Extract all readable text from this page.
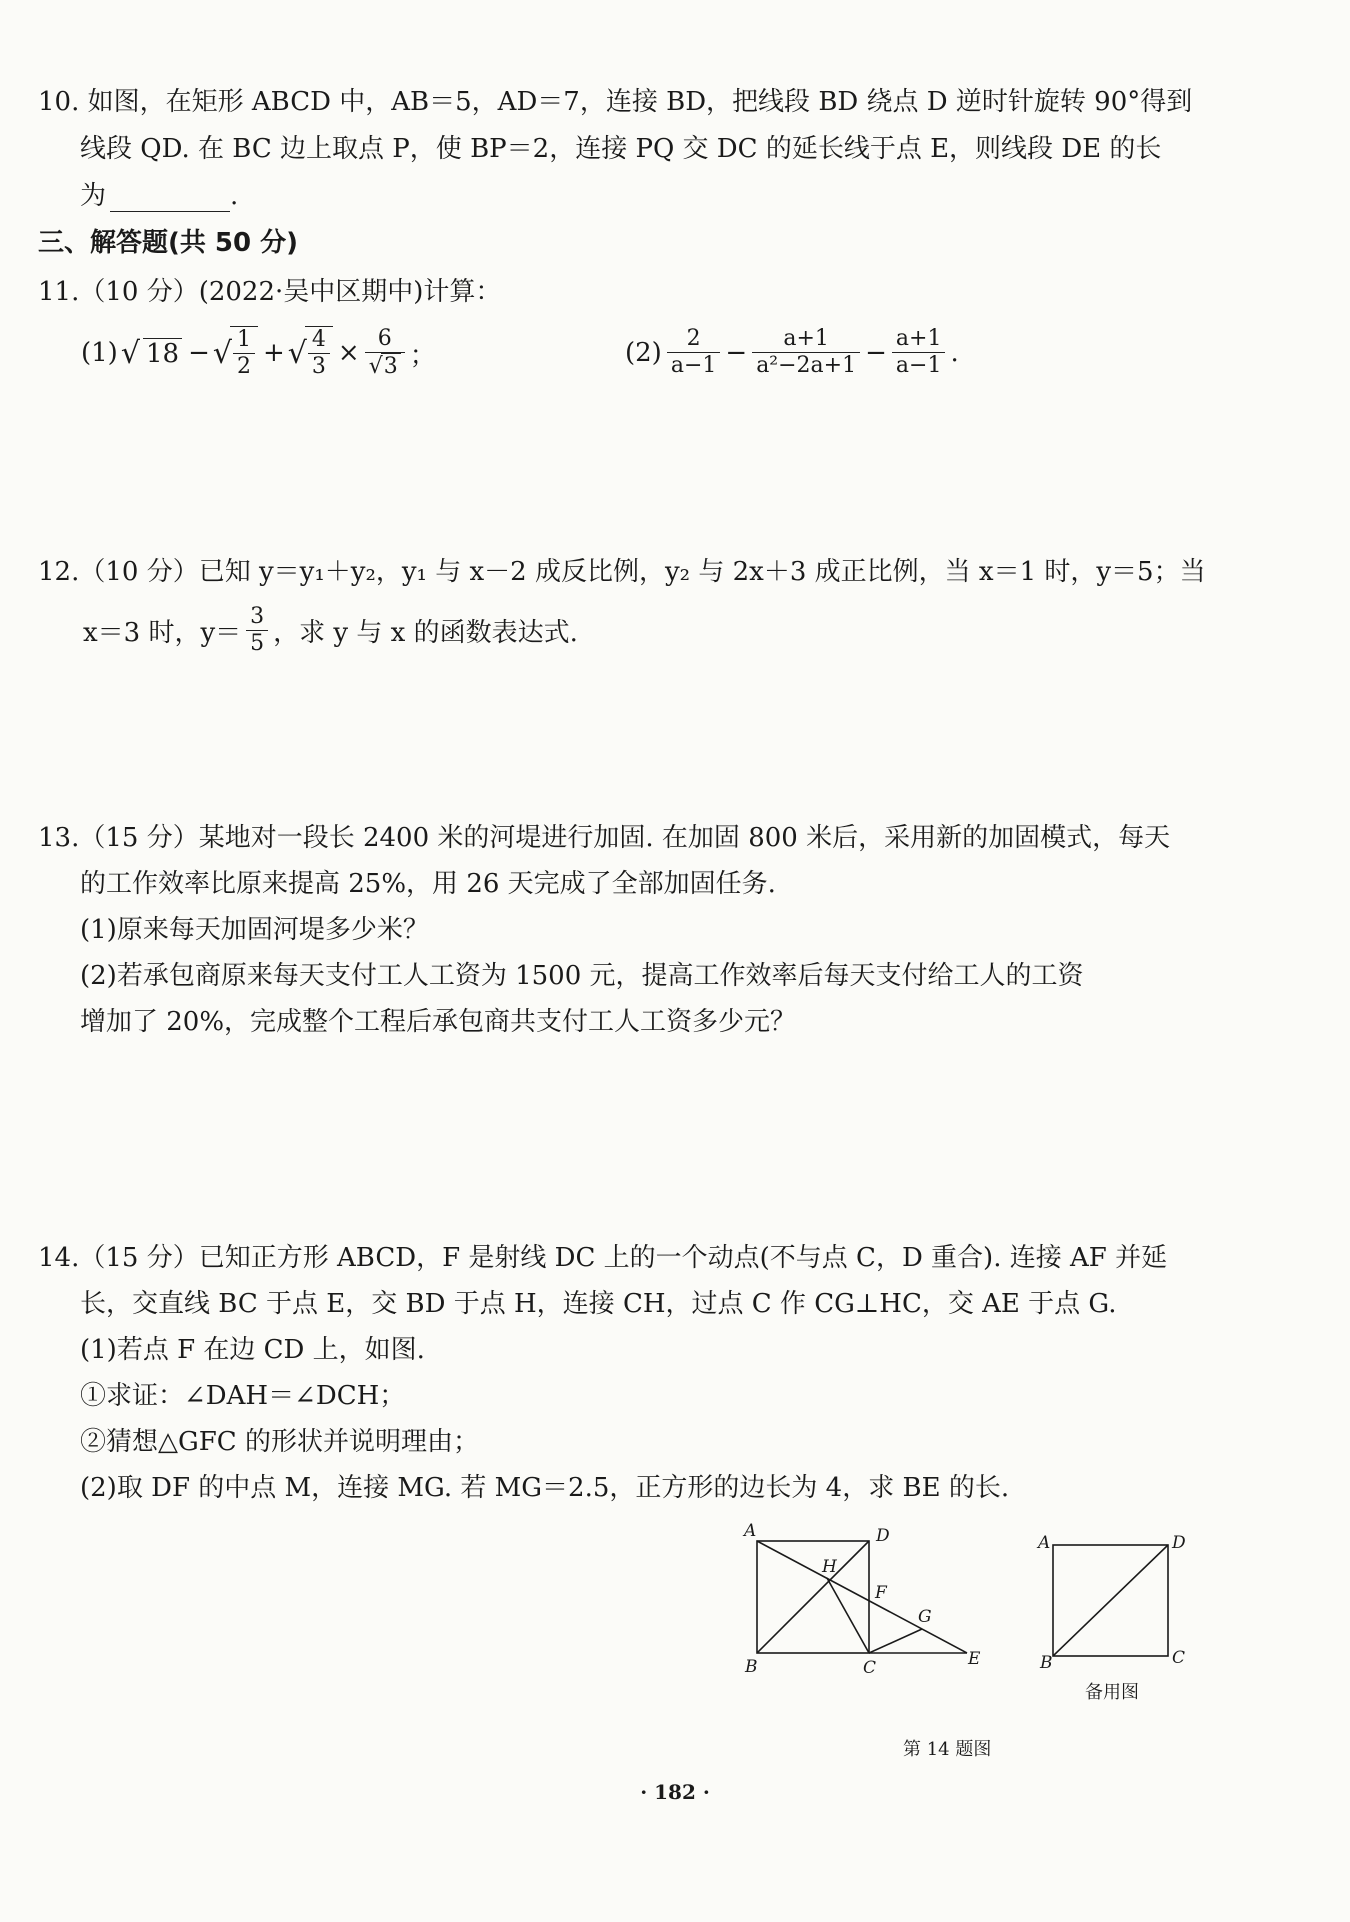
10. 如图，在矩形 ABCD 中，AB＝5，AD＝7，连接 BD，把线段 BD 绕点 D 逆时针旋转 90°得到
线段 QD. 在 BC 边上取点 P，使 BP＝2，连接 PQ 交 DC 的延长线于点 E，则线段 DE 的长
为	.
三、解答题(共 50 分)
11.（10 分）(2022·吴中区期中)计算：
(1) √ 18 − √
$\frac{1}{2}$ + √
$\frac{4}{3} \times \frac{6}{√3}$ ；	$(2) \frac{2}{a-1} - \frac{a+1}{\text{a²−2a+1}} - \frac{a+1}{a-1}$ .
12.（10 分）已知 y＝y₁＋y₂，y₁ 与 x－2 成反比例，y₂ 与 2x＋3 成正比例，当 x＝1 时，y＝5；当
x＝3 时，$y= \frac{3}{5}$ ，求 y 与 x 的函数表达式.
13.（15 分）某地对一段长 2400 米的河堤进行加固. 在加固 800 米后，采用新的加固模式，每天
的工作效率比原来提高 25%，用 26 天完成了全部加固任务.
(1)原来每天加固河堤多少米？
(2)若承包商原来每天支付工人工资为 1500 元，提高工作效率后每天支付给工人的工资
增加了 20%，完成整个工程后承包商共支付工人工资多少元？
14.（15 分）已知正方形 ABCD，F 是射线 DC 上的一个动点(不与点 C，D 重合). 连接 AF 并延
长，交直线 BC 于点 E，交 BD 于点 H，连接 CH，过点 C 作 CG⊥HC，交 AE 于点 G.
(1)若点 F 在边 CD 上，如图.
①求证：∠DAH＝∠DCH；
②猜想△GFC 的形状并说明理由；
(2)取 DF 的中点 M，连接 MG. 若 MG＝2.5，正方形的边长为 4，求 BE 的长.
A	D
H
F
G
B	C	E
A	D
B	C
备用图
第 14 题图
· 182 ·
